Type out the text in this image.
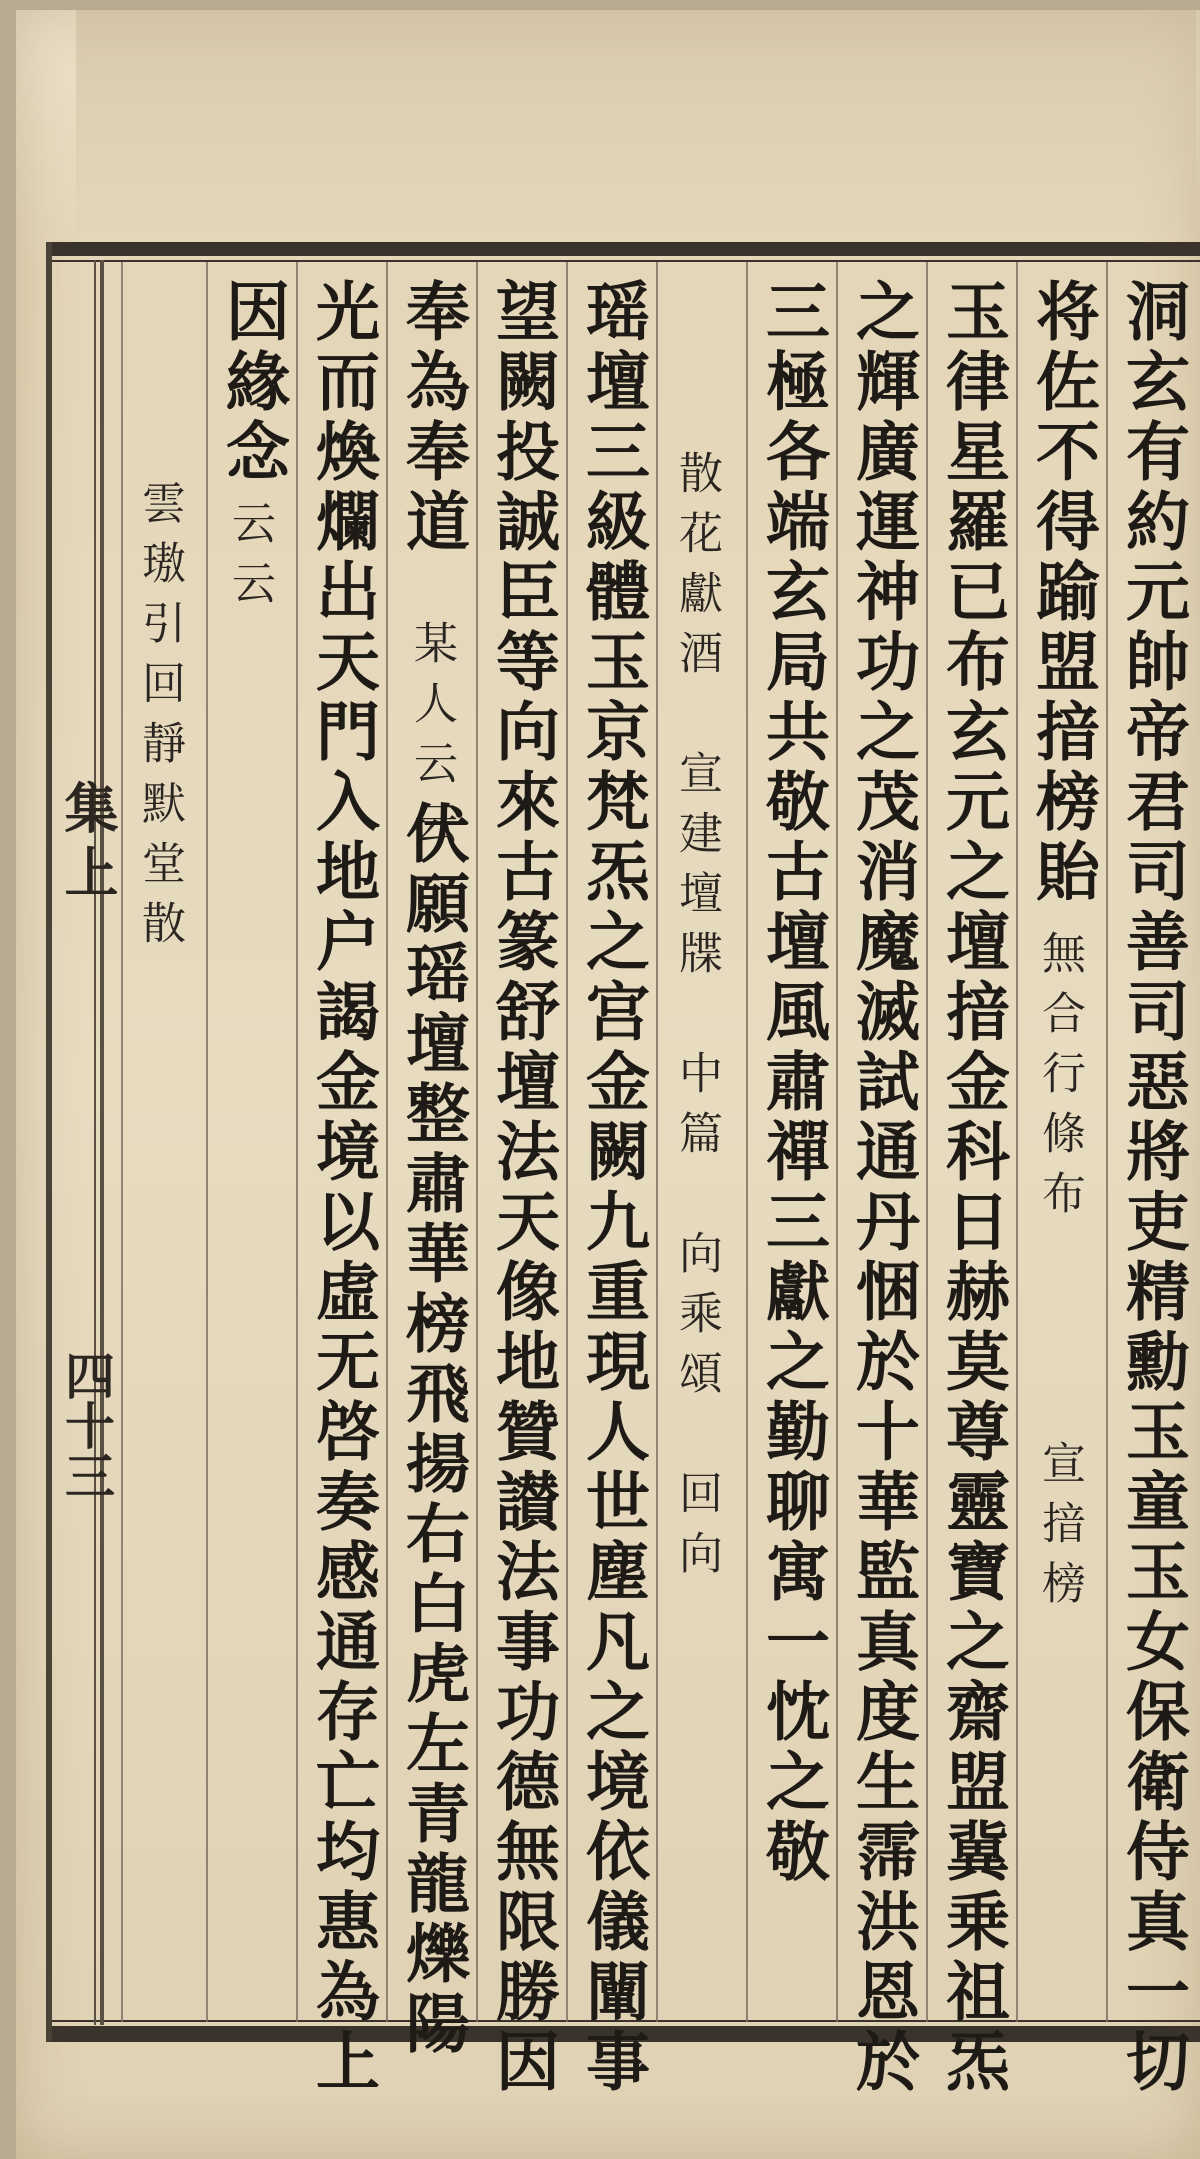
集上
四十三	洞玄有約元帥帝君司善司惡將吏精勳玉童玉女保衛侍真一切
将佐不得踰盟揞榜貽
無合行條布
宣揞榜
玉律星羅已布玄元之壇揞金科日赫莫尊靈寶之齋盟冀乗祖炁
之輝廣運神功之茂消魔滅試通丹悃於十華監真度生霈洪恩於
三極各端玄局共敬古壇風肅禪三獻之勤聊寓一忱之敬
散花獻酒　宣建壇牒　中篇　向乘頌　回向
瑶壇三級體玉京梵炁之宫金闕九重現人世塵凡之境依儀闡事
望闕投誠臣等向來古篆舒壇法天像地贊讃法事功德無限勝因
奉為奉道
某人云云
伏願瑶壇整肅華榜飛揚右白虎左青龍爍陽
光而煥爛出天門入地户謁金境以虛无啓奏感通存亡均惠為上
因緣念
云云
雲璈引回靜默堂散
